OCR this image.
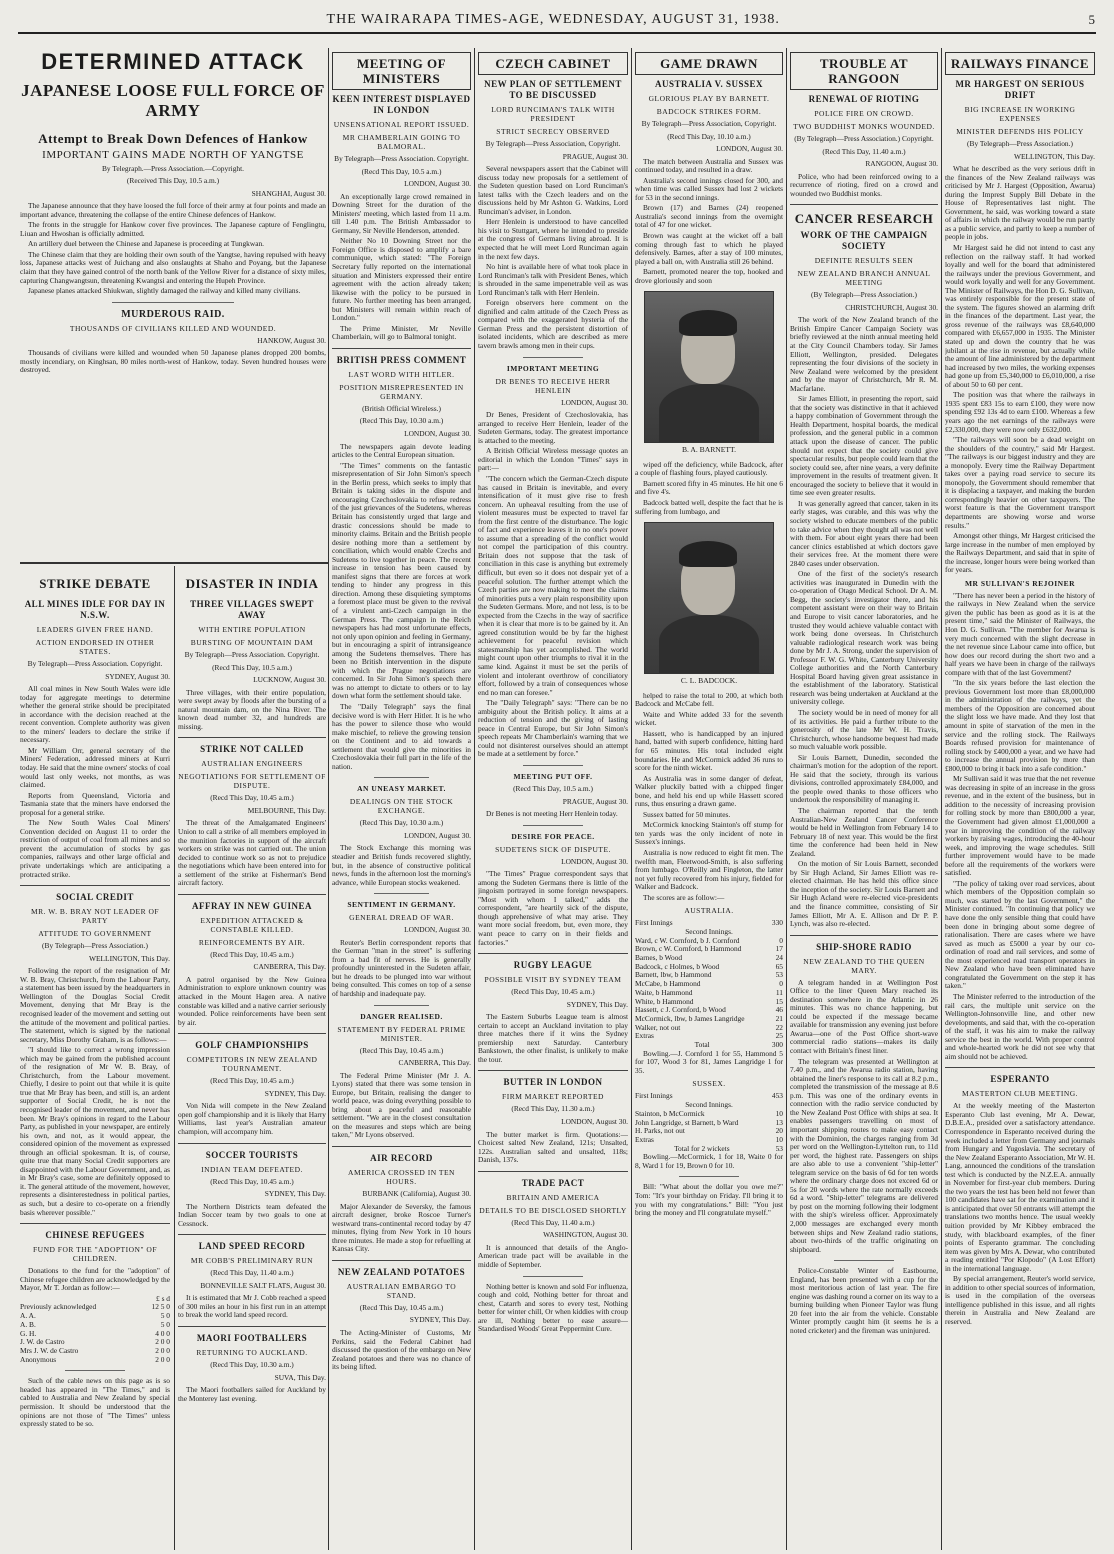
THE WAIRARAPA TIMES-AGE, WEDNESDAY, AUGUST 31, 1938.	5
DETERMINED ATTACK
JAPANESE LOOSE FULL FORCE OF ARMY
Attempt to Break Down Defences of Hankow
IMPORTANT GAINS MADE NORTH OF YANGTSE
By Telegraph.—Press Association.—Copyright.
(Received This Day, 10.5 a.m.)
SHANGHAI, August 30.

The Japanese announce that they have loosed the full force of their army at four points and made an important advance, threatening the collapse of the entire Chinese defences of Hankow.

The fronts in the struggle for Hankow cover five provinces. The Japanese capture of Fenglingtu, Liuan and Hwoshan is officially admitted.

An artillery duel between the Chinese and Japanese is proceeding at Tungkwan.

The Chinese claim that they are holding their own south of the Yangtse, having repulsed with heavy loss, Japanese attacks west of Juichang and also onslaughts at Shaho and Poyang, but the Japanese claim that they have gained control of the north bank of the Yellow River for a distance of sixty miles, capturing Changwangtsun, threatening Kwangtsi and entering the Hupeh Province.

Japanese planes attacked Shiukwan, slightly damaged the railway and killed many civilians.

MURDEROUS RAID.
THOUSANDS OF CIVILIANS KILLED AND WOUNDED.
HANKOW, August 30.

Thousands of civilians were killed and wounded when 50 Japanese planes dropped 200 bombs, mostly incendiary, on Kinghsan, 80 miles north-west of Hankow, today. Seven hundred houses were destroyed.

STRIKE DEBATE
ALL MINES IDLE FOR DAY IN N.S.W.
LEADERS GIVEN FREE HAND.
ACTION ENDORSED IN OTHER STATES.
By Telegraph—Press Association. Copyright.
SYDNEY, August 30.

All coal mines in New South Wales were idle today for aggregate meetings to determine whether the general strike should be precipitated in accordance with the decision reached at the recent convention. Complete authority was given to the miners' leaders to declare the strike if necessary.

Mr William Orr, general secretary of the Miners' Federation, addressed miners at Kurri today. He said that the mine owners' stocks of coal would last only weeks, not months, as was claimed.

Reports from Queensland, Victoria and Tasmania state that the miners have endorsed the proposal for a general strike.

The New South Wales Coal Miners' Convention decided on August 11 to order the restriction of output of coal from all mines and so prevent the accumulation of stocks by gas companies, railways and other large official and private undertakings which are anticipating a protracted strike.

SOCIAL CREDIT
MR. W. B. BRAY NOT LEADER OF PARTY
ATTITUDE TO GOVERNMENT
(By Telegraph—Press Association.)
WELLINGTON, This Day.

Following the report of the resignation of Mr W. B. Bray, Christchurch, from the Labour Party, a statement has been issued by the headquarters in Wellington of the Douglas Social Credit Movement, denying that Mr Bray is the recognised leader of the movement and setting out the attitude of the movement and political parties. The statement, which is signed by the national secretary, Miss Dorothy Graham, is as follows:—

"I should like to correct a wrong impression which may be gained from the published account of the resignation of Mr W. B. Bray, of Christchurch, from the Labour movement. Chiefly, I desire to point out that while it is quite true that Mr Bray has been, and still is, an ardent supporter of Social Credit, he is not the recognised leader of the movement, and never has been. Mr Bray's opinions in regard to the Labour Party, as published in your newspaper, are entirely his own, and not, as it would appear, the considered opinion of the movement as expressed through an official spokesman. It is, of course, quite true that many Social Credit supporters are disappointed with the Labour Government, and, as in Mr Bray's case, some are definitely opposed to it. The general attitude of the movement, however, represents a disinterestedness in political parties, as such, but a desire to co-operate on a friendly basis wherever possible."

CHINESE REFUGEES
FUND FOR THE "ADOPTION" OF CHILDREN.

Donations to the fund for the "adoption" of Chinese refugee children are acknowledged by the Mayor, Mr T. Jordan as follow:—

	£ s d
Previously acknowledged	12 5 0
A. A.	5 0
A. B.	5 0
G. H.	4 0 0
J. W. de Castro	2 0 0
Mrs J. W. de Castro	2 0 0
Anonymous	2 0 0

Such of the cable news on this page as is so headed has appeared in "The Times," and is cabled to Australia and New Zealand by special permission. It should be understood that the opinions are not those of "The Times" unless expressly stated to be so.

DISASTER IN INDIA
THREE VILLAGES SWEPT AWAY
WITH ENTIRE POPULATION
BURSTING OF MOUNTAIN DAM
By Telegraph—Press Association. Copyright.
(Recd This Day, 10.5 a.m.)
LUCKNOW, August 30.

Three villages, with their entire population, were swept away by floods after the bursting of a natural mountain dam, on the Nina River. The known dead number 32, and hundreds are missing.

STRIKE NOT CALLED
AUSTRALIAN ENGINEERS
NEGOTIATIONS FOR SETTLEMENT OF DISPUTE.
(Recd This Day, 10.45 a.m.)
MELBOURNE, This Day.

The threat of the Amalgamated Engineers' Union to call a strike of all members employed in the munition factories in support of the aircraft workers on strike was not carried out. The union decided to continue work so as not to prejudice the negotiations which have been entered into for a settlement of the strike at Fisherman's Bend aircraft factory.

AFFRAY IN NEW GUINEA
EXPEDITION ATTACKED & CONSTABLE KILLED.
REINFORCEMENTS BY AIR.
(Recd This Day, 10.45 a.m.)
CANBERRA, This Day.

A patrol organised by the New Guinea Administration to explore unknown country was attacked in the Mount Hagen area. A native constable was killed and a native carrier seriously wounded. Police reinforcements have been sent by air.

GOLF CHAMPIONSHIPS
COMPETITORS IN NEW ZEALAND TOURNAMENT.
(Recd This Day, 10.45 a.m.)
SYDNEY, This Day.

Von Nida will compete in the New Zealand open golf championship and it is likely that Harry Williams, last year's Australian amateur champion, will accompany him.

SOCCER TOURISTS
INDIAN TEAM DEFEATED.
(Recd This Day, 10.45 a.m.)
SYDNEY, This Day.

The Northern Districts team defeated the Indian Soccer team by two goals to one at Cessnock.

LAND SPEED RECORD
MR COBB'S PRELIMINARY RUN
(Recd This Day, 11.40 a.m.)
BONNEVILLE SALT FLATS, August 30.

It is estimated that Mr J. Cobb reached a speed of 300 miles an hour in his first run in an attempt to break the world land speed record.

MAORI FOOTBALLERS
RETURNING TO AUCKLAND.
(Recd This Day, 10.30 a.m.)
SUVA, This Day.

The Maori footballers sailed for Auckland by the Monterey last evening.

MEETING OF MINISTERS
KEEN INTEREST DISPLAYED IN LONDON
UNSENSATIONAL REPORT ISSUED.
MR CHAMBERLAIN GOING TO BALMORAL.
By Telegraph—Press Association. Copyright.
(Recd This Day, 10.5 a.m.)
LONDON, August 30.

An exceptionally large crowd remained in Downing Street for the duration of the Ministers' meeting, which lasted from 11 a.m. till 1.40 p.m. The British Ambassador to Germany, Sir Neville Henderson, attended.

Neither No 10 Downing Street nor the Foreign Office is disposed to amplify a bare communique, which stated: "The Foreign Secretary fully reported on the international situation and Ministers expressed their entire agreement with the action already taken; likewise with the policy to be pursued in future. No further meeting has been arranged, but Ministers will remain within reach of London."

The Prime Minister, Mr Neville Chamberlain, will go to Balmoral tonight.

BRITISH PRESS COMMENT
LAST WORD WITH HITLER.
POSITION MISREPRESENTED IN GERMANY.
(British Official Wireless.)
(Recd This Day, 10.30 a.m.)
LONDON, August 30.

The newspapers again devote leading articles to the Central European situation.

"The Times" comments on the fantastic misrepresentation of Sir John Simon's speech in the Berlin press, which seeks to imply that Britain is taking sides in the dispute and encouraging Czechoslovakia to refuse redress of the just grievances of the Sudetens, whereas Britain has consistently urged that large and drastic concessions should be made to minority claims. Britain and the British people desire nothing more than a settlement by conciliation, which would enable Czechs and Sudetens to live together in peace. The recent increase in tension has been caused by manifest signs that there are forces at work tending to hinder any progress in this direction. Among these disquieting symptoms a foremost place must be given to the revival of a virulent anti-Czech campaign in the German Press. The campaign in the Reich newspapers has had most unfortunate effects, not only upon opinion and feeling in Germany, but in encouraging a spirit of intransigeance among the Sudetens themselves. There has been no British intervention in the dispute with which the Prague negotiations are concerned. In Sir John Simon's speech there was no attempt to dictate to others or to lay down what form the settlement should take.

The "Daily Telegraph" says the final decisive word is with Herr Hitler. It is he who has the power to silence those who would make mischief, to relieve the growing tension on the Continent and to aid towards a settlement that would give the minorities in Czechoslovakia their full part in the life of the nation.

AN UNEASY MARKET.
DEALINGS ON THE STOCK EXCHANGE.
(Recd This Day, 10.30 a.m.)
LONDON, August 30.

The Stock Exchange this morning was steadier and British funds recovered slightly, but, in the absence of constructive political news, funds in the afternoon lost the morning's advance, while European stocks weakened.

SENTIMENT IN GERMANY.
GENERAL DREAD OF WAR.
LONDON, August 30.

Reuter's Berlin correspondent reports that the German "man in the street" is suffering from a bad fit of nerves. He is generally profoundly uninterested in the Sudeten affair, but he dreads to be plunged into war without being consulted. This comes on top of a sense of hardship and inadequate pay.

DANGER REALISED.
STATEMENT BY FEDERAL PRIME MINISTER.
(Recd This Day, 10.45 a.m.)
CANBERRA, This Day.

The Federal Prime Minister (Mr J. A. Lyons) stated that there was some tension in Europe, but Britain, realising the danger to world peace, was doing everything possible to bring about a peaceful and reasonable settlement. "We are in the closest consultation on the measures and steps which are being taken," Mr Lyons observed.

AIR RECORD
AMERICA CROSSED IN TEN HOURS.
BURBANK (California), August 30.

Major Alexander de Seversky, the famous aircraft designer, broke Roscoe Turner's westward trans-continental record today by 47 minutes, flying from New York in 10 hours three minutes. He made a stop for refuelling at Kansas City.

NEW ZEALAND POTATOES
AUSTRALIAN EMBARGO TO STAND.
(Recd This Day, 10.45 a.m.)
SYDNEY, This Day.

The Acting-Minister of Customs, Mr Perkins, said the Federal Cabinet had discussed the question of the embargo on New Zealand potatoes and there was no chance of its being lifted.

CZECH CABINET
NEW PLAN OF SETTLEMENT TO BE DISCUSSED
LORD RUNCIMAN'S TALK WITH PRESIDENT
STRICT SECRECY OBSERVED
By Telegraph—Press Association, Copyright.
PRAGUE, August 30.

Several newspapers assert that the Cabinet will discuss today new proposals for a settlement of the Sudeten question based on Lord Runciman's latest talks with the Czech leaders and on the discussions held by Mr Ashton G. Watkins, Lord Runciman's adviser, in London.

Herr Henlein is understood to have cancelled his visit to Stuttgart, where he intended to preside at the congress of Germans living abroad. It is expected that he will meet Lord Runciman again in the next few days.

No hint is available here of what took place in Lord Runciman's talk with President Benes, which is shrouded in the same impenetrable veil as was Lord Runciman's talk with Herr Henlein.

Foreign observers here comment on the dignified and calm attitude of the Czech Press as compared with the exaggerated hysteria of the German Press and the persistent distortion of isolated incidents, which are described as mere tavern brawls among men in their cups.

IMPORTANT MEETING
DR BENES TO RECEIVE HERR HENLEIN
LONDON, August 30.

Dr Benes, President of Czechoslovakia, has arranged to receive Herr Henlein, leader of the Sudeten Germans, today. The greatest importance is attached to the meeting.

A British Official Wireless message quotes an editorial in which the London "Times" says in part:—

"The concern which the German-Czech dispute has caused in Britain is inevitable, and every intensification of it must give rise to fresh concern. An upheaval resulting from the use of violent measures must be expected to travel far from the first centre of the disturbance. The logic of fact and experience leaves it in no one's power to assume that a spreading of the conflict would not compel the participation of this country. Britain does not suppose that the task of conciliation in this case is anything but extremely difficult, but even so it does not despair yet of a peaceful solution. The further attempt which the Czech parties are now making to meet the claims of minorities puts a very plain responsibility upon the Sudeten Germans. More, and not less, is to be expected from the Czechs in the way of sacrifice when it is clear that more is to be gained by it. An agreed constitution would be by far the highest achievement for peaceful revision which statesmanship has yet accomplished. The world might count upon other triumphs to rival it in the same kind. Against it must be set the perils of violent and intolerant overthrow of conciliatory effort, followed by a train of consequences whose end no man can foresee."

The "Daily Telegraph" says: "There can be no ambiguity about the British policy. It aims at a reduction of tension and the giving of lasting peace in Central Europe, but Sir John Simon's speech repeats Mr Chamberlain's warning that we could not disinterest ourselves should an attempt be made at a settlement by force."

MEETING PUT OFF.
(Recd This Day, 10.5 a.m.)
PRAGUE, August 30.

Dr Benes is not meeting Herr Henlein today.

DESIRE FOR PEACE.
SUDETENS SICK OF DISPUTE.
LONDON, August 30.

"The Times" Prague correspondent says that among the Sudeten Germans there is little of the jingoism portrayed in some foreign newspapers. "Most with whom I talked," adds the correspondent, "are heartily sick of the dispute, though apprehensive of what may arise. They want more social freedom, but, even more, they want peace to carry on in their fields and factories."

RUGBY LEAGUE
POSSIBLE VISIT BY SYDNEY TEAM
(Recd This Day, 10.45 a.m.)
SYDNEY, This Day.

The Eastern Suburbs League team is almost certain to accept an Auckland invitation to play three matches there if it wins the Sydney premiership next Saturday. Canterbury Bankstown, the other finalist, is unlikely to make the tour.

BUTTER IN LONDON
FIRM MARKET REPORTED
(Recd This Day, 11.30 a.m.)
LONDON, August 30.

The butter market is firm. Quotations:—Choicest salted New Zealand, 121s; Unsalted, 122s. Australian salted and unsalted, 118s; Danish, 137s.

TRADE PACT
BRITAIN AND AMERICA
DETAILS TO BE DISCLOSED SHORTLY
(Recd This Day, 11.40 a.m.)
WASHINGTON, August 30.

It is announced that details of the Anglo-American trade pact will be available in the middle of September.

Nothing better is known and sold For influenza, cough and cold, Nothing better for throat and chest, Catarrh and sores to every test, Nothing better for winter chill, Or when kiddies with croup are ill, Nothing better to ease assure—Standardised Woods' Great Peppermint Cure.

GAME DRAWN
AUSTRALIA V. SUSSEX
GLORIOUS PLAY BY BARNETT.
BADCOCK STRIKES FORM.
By Telegraph—Press Association, Copyright.
(Recd This Day, 10.10 a.m.)
LONDON, August 30.

The match between Australia and Sussex was continued today, and resulted in a draw.

Australia's second innings closed for 300, and when time was called Sussex had lost 2 wickets for 53 in the second innings.

Brown (17) and Barnes (24) reopened Australia's second innings from the overnight total of 47 for one wicket.

Brown was caught at the wicket off a ball coming through fast to which he played defensively. Barnes, after a stay of 100 minutes, played a ball on, with Australia still 26 behind.

Barnett, promoted nearer the top, hooked and drove gloriously and soon

B. A. BARNETT.

wiped off the deficiency, while Badcock, after a couple of flashing fours, played cautiously.

Barnett scored fifty in 45 minutes. He hit one 6 and five 4's.

Badcock batted well, despite the fact that he is suffering from lumbago, and

C. L. BADCOCK.

helped to raise the total to 200, at which both Badcock and McCabe fell.

Waite and White added 33 for the seventh wicket.

Hassett, who is handicapped by an injured hand, batted with superb confidence, hitting hard for 65 minutes. His total included eight boundaries. He and McCormick added 36 runs to score for the ninth wicket.

As Australia was in some danger of defeat, Walker pluckily batted with a chipped finger bone, and held his end up while Hassett scored runs, thus ensuring a drawn game.

Sussex batted for 50 minutes.

McCormick knocking Stainton's off stump for ten yards was the only incident of note in Sussex's innings.

Australia is now reduced to eight fit men. The twelfth man, Fleetwood-Smith, is also suffering from lumbago. O'Reilly and Fingleton, the latter not yet fully recovered from his injury, fielded for Walker and Badcock.

The scores are as follow:—

AUSTRALIA.
First Innings	330
Second Innings.	
Ward, c W. Cornford, b J. Cornford	0
Brown, c W. Cornford, b Hammond	17
Barnes, b Wood	24
Badcock, c Holmes, b Wood	65
Barnett, lbw, b Hammond	53
McCabe, b Hammond	0
Waite, b Hammond	11
White, b Hammond	15
Hassett, c J. Cornford, b Wood	46
McCormick, lbw, b James Langridge	21
Walker, not out	22
Extras	25
Total	300

Bowling.—J. Cornford 1 for 55, Hammond 5 for 107, Wood 3 for 81, James Langridge 1 for 35.

SUSSEX.
First Innings	453
Second Innings.	
Stainton, b McCormick	10
John Langridge, st Barnett, b Ward	13
H. Parks, not out	20
Extras	10
Total for 2 wickets	53

Bowling.—McCormick, 1 for 18, Waite 0 for 8, Ward 1 for 19, Brown 0 for 10.

Bill: "What about the dollar you owe me?" Tom: "It's your birthday on Friday. I'll bring it to you with my congratulations." Bill: "You just bring the money and I'll congratulate myself."

TROUBLE AT RANGOON
RENEWAL OF RIOTING
POLICE FIRE ON CROWD.
TWO BUDDHIST MONKS WOUNDED.
(By Telegraph—Press Association.) Copyright.
(Recd This Day, 11.40 a.m.)
RANGOON, August 30.

Police, who had been reinforced owing to a recurrence of rioting, fired on a crowd and wounded two Buddhist monks.

CANCER RESEARCH
WORK OF THE CAMPAIGN SOCIETY
DEFINITE RESULTS SEEN
NEW ZEALAND BRANCH ANNUAL MEETING
(By Telegraph—Press Association.)
CHRISTCHURCH, August 30.

The work of the New Zealand branch of the British Empire Cancer Campaign Society was briefly reviewed at the ninth annual meeting held at the City Council Chambers today. Sir James Elliott, Wellington, presided. Delegates representing the four divisions of the society in New Zealand were welcomed by the president and by the mayor of Christchurch, Mr R. M. Macfarlane.

Sir James Elliott, in presenting the report, said that the society was distinctive in that it achieved a happy combination of Government through the Health Department, hospital boards, the medical profession, and the general public in a common attack upon the disease of cancer. The public should not expect that the society could give spectacular results, but people could learn that the society could see, after nine years, a very definite improvement in the results of treatment given. It encouraged the society to believe that it would in time see even greater results.

It was generally agreed that cancer, taken in its early stages, was curable, and this was why the society wished to educate members of the public to take advice when they thought all was not well with them. For about eight years there had been cancer clinics established at which doctors gave their services free. At the moment there were 2840 cases under observation.

One of the first of the society's research activities was inaugurated in Dunedin with the co-operation of Otago Medical School. Dr A. M. Begg, the society's investigator there, and his competent assistant were on their way to Britain and Europe to visit cancer laboratories, and he trusted they would achieve valuable contact with work being done overseas. In Christchurch valuable radiological research work was being done by Mr J. A. Strong, under the supervision of Professor F. W. G. White, Canterbury University College authorities and the North Canterbury Hospital Board having given great assistance in the establishment of the laboratory. Statistical research was being undertaken at Auckland at the university college.

The society would be in need of money for all of its activities. He paid a further tribute to the generosity of the late Mr W. H. Travis, Christchurch, whose handsome bequest had made so much valuable work possible.

Sir Louis Barnett, Dunedin, seconded the chairman's motion for the adoption of the report. He said that the society, through its various divisions, controlled approximately £84,000, and the people owed thanks to those officers who undertook the responsibility of managing it.

The chairman reported that the tenth Australian-New Zealand Cancer Conference would be held in Wellington from February 14 to February 18 of next year. This would be the first time the conference had been held in New Zealand.

On the motion of Sir Louis Barnett, seconded by Sir Hugh Acland, Sir James Elliott was re-elected chairman. He has held this office since the inception of the society. Sir Louis Barnett and Sir Hugh Acland were re-elected vice-presidents and the finance committee, consisting of Sir James Elliott, Mr A. E. Allison and Dr P. P. Lynch, was also re-elected.

SHIP-SHORE RADIO
NEW ZEALAND TO THE QUEEN MARY.

A telegram handed in at Wellington Post Office to the liner Queen Mary reached its destination somewhere in the Atlantic in 26 minutes. This was no chance happening, but could be expected if the message became available for transmission any evening just before Awarua—one of the Post Office short-wave commercial radio stations—makes its daily contact with Britain's finest liner.

The telegram was presented at Wellington at 7.40 p.m., and the Awarua radio station, having obtained the liner's response to its call at 8.2 p.m., completed the transmission of the message at 8.6 p.m. This was one of the ordinary events in connection with the radio service conducted by the New Zealand Post Office with ships at sea. It enables passengers travelling on most of important shipping routes to make easy contact with the Dominion, the charges ranging from 3d per word on the Wellington-Lyttelton run, to 11d per word, the highest rate. Passengers on ships are also able to use a convenient "ship-letter" telegram service on the basis of 6d for ten words where the ordinary charge does not exceed 6d or 5s for 20 words where the rate normally exceeds 6d a word. "Ship-letter" telegrams are delivered by post on the morning following their lodgment with the ship's wireless officer. Approximately 2,000 messages are exchanged every month between ships and New Zealand radio stations, about two-thirds of the traffic originating on shipboard.

Police-Constable Winter of Eastbourne, England, has been presented with a cup for the most meritorious action of last year. The fire engine was dashing round a corner on its way to a burning building when Pioneer Taylor was flung 20 feet into the air from the vehicle. Constable Winter promptly caught him (it seems he is a noted cricketer) and the fireman was uninjured.

RAILWAYS FINANCE
MR HARGEST ON SERIOUS DRIFT
BIG INCREASE IN WORKING EXPENSES
MINISTER DEFENDS HIS POLICY
(By Telegraph—Press Association.)
WELLINGTON, This Day.

What he described as the very serious drift in the finances of the New Zealand railways was criticised by Mr J. Hargest (Opposition, Awarua) during the Imprest Supply Bill Debate in the House of Representatives last night. The Government, he said, was working toward a state of affairs in which the railway would be run partly as a public service, and partly to keep a number of people in jobs.

Mr Hargest said he did not intend to cast any reflection on the railway staff. It had worked loyally and well for the board that administered the railways under the previous Government, and would work loyally and well for any Government. The Minister of Railways, the Hon D. G. Sullivan, was entirely responsible for the present state of the system. The figures showed an alarming drift in the finances of the department. Last year, the gross revenue of the railways was £8,640,000 compared with £6,657,000 in 1935. The Minister stated up and down the country that he was jubilant at the rise in revenue, but actually while the amount of line administered by the department had increased by two miles, the working expenses had gone up from £5,340,000 to £6,010,000, a rise of about 50 to 60 per cent.

The position was that where the railways in 1935 spent £83 15s to earn £100, they were now spending £92 13s 4d to earn £100. Whereas a few years ago the net earnings of the railways were £2,330,000, they were now only £632,000.

"The railways will soon be a dead weight on the shoulders of the country," said Mr Hargest. "The railways is our biggest industry and they are a monopoly. Every time the Railway Department takes over a paying road service to secure its monopoly, the Government should remember that it is displacing a taxpayer, and making the burden correspondingly heavier on other taxpayers. The worst feature is that the Government transport departments are showing worse and worse results."

Amongst other things, Mr Hargest criticised the large increase in the number of men employed by the Railways Department, and said that in spite of the increase, longer hours were being worked than for years.

MR SULLIVAN'S REJOINER

"There has never been a period in the history of the railways in New Zealand when the service given the public has been as good as it is at the present time," said the Minister of Railways, the Hon D. G. Sullivan. "The member for Awarua is very much concerned with the slight decrease in the net revenue since Labour came into office, but how does our record during the short two and a half years we have been in charge of the railways compare with that of the last Government?

"In the six years before the last election the previous Government lost more than £8,000,000 in the administration of the railways, yet the members of the Opposition are concerned about the slight loss we have made. And they lost that amount in spite of starvation of the men in the service and the rolling stock. The Railways Boards refused provision for maintenance of rolling stock by £400,000 a year, and we have had to increase the annual provision by more than £800,000 to bring it back into a safe condition."

Mr Sullivan said it was true that the net revenue was decreasing in spite of an increase in the gross revenue, and in the extent of the business, but in addition to the necessity of increasing provision for rolling stock by more than £800,000 a year, the Government had given almost £1,000,000 a year in improving the condition of the railway workers by raising wages, introducing the 40-hour week, and improving the wage schedules. Still further improvement would have to be made before all the requirements of the workers were satisfied.

"The policy of taking over road services, about which members of the Opposition complain so much, was started by the last Government," the Minister continued. "In continuing that policy we have done the only sensible thing that could have been done in bringing about some degree of rationalisation. There are cases where we have saved as much as £5000 a year by our co-ordination of road and rail services, and some of the most experienced road transport operators in New Zealand who have been eliminated have congratulated the Government on the step it has taken."

The Minister referred to the introduction of the rail cars, the multiple unit service on the Wellington-Johnsonville line, and other new developments, and said that, with the co-operation of the staff, it was his aim to make the railway service the best in the world. With proper control and whole-hearted work he did not see why that aim should not be achieved.

ESPERANTO
MASTERTON CLUB MEETING.

At the weekly meeting of the Masterton Esperanto Club last evening, Mr A. Dewar, D.B.E.A., presided over a satisfactory attendance. Correspondence in Esperanto received during the week included a letter from Germany and journals from Hungary and Yugoslavia. The secretary of the New Zealand Esperanto Association, Mr W. H. Lang, announced the conditions of the translation test which is conducted by the N.Z.E.A. annually in November for first-year club members. During the two years the test has been held not fewer than 100 candidates have sat for the examination and it is anticipated that over 50 entrants will attempt the translations two months hence. The usual weekly tuition provided by Mr Kibbey embraced the study, with blackboard examples, of the finer points of Esperanto grammar. The concluding item was given by Mrs A. Dewar, who contributed a reading entitled "Por Klopodo" (A Lost Effort) in the international language.

By special arrangement, Reuter's world service, in addition to other special sources of information, is used in the compilation of the overseas intelligence published in this issue, and all rights therein in Australia and New Zealand are reserved.
